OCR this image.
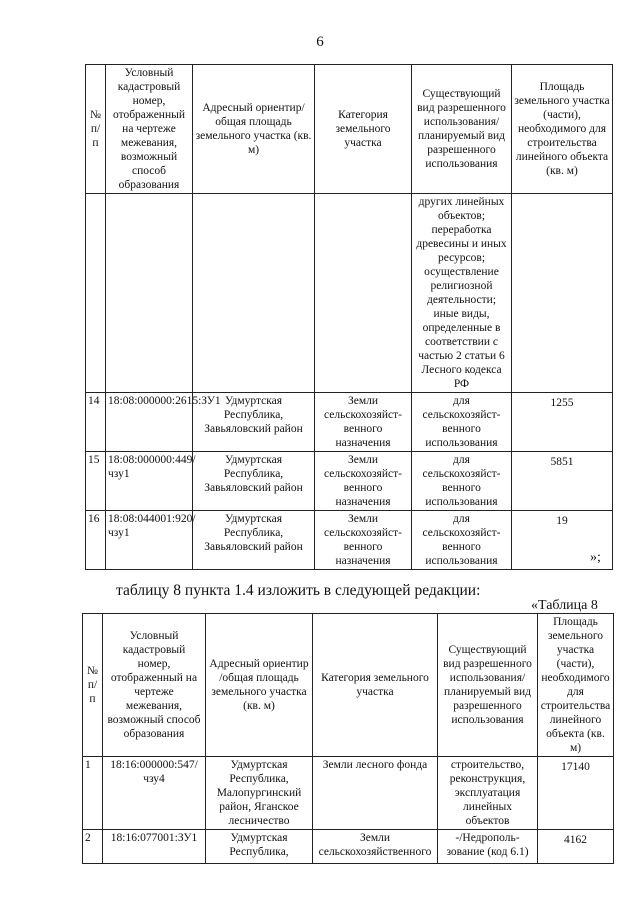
6
№ п/п	Условный кадастровый номер, отображенный на чертеже межевания, возможный способ образования	Адресный ориентир/ общая площадь земельного участка (кв. м)	Категория земельного участка	Существующий вид разрешенного использования/ планируемый вид разрешенного использования	Площадь земельного участка (части), необходимого для строительства линейного объекта (кв. м)
				других линейных объектов; переработка древесины и иных ресурсов; осуществление религиозной деятельности; иные виды, определенные в соответствии с частью 2 статьи 6 Лесного кодекса РФ	
14	18:08:000000:2615:ЗУ1	Удмуртская Республика, Завьяловский район	Земли сельскохозяйст-венного назначения	для сельскохозяйст-венного использования	1255
15	18:08:000000:449/чзу1	Удмуртская Республика, Завьяловский район	Земли сельскохозяйст-венного назначения	для сельскохозяйст-венного использования	5851
16	18:08:044001:920/чзу1	Удмуртская Республика, Завьяловский район	Земли сельскохозяйст-венного назначения	для сельскохозяйст-венного использования	19
»;
таблицу 8 пункта 1.4 изложить в следующей редакции:
«Таблица 8
№ п/п	Условный кадастровый номер, отображенный на чертеже межевания, возможный способ образования	Адресный ориентир /общая площадь земельного участка (кв. м)	Категория земельного участка	Существующий вид разрешенного использования/ планируемый вид разрешенного использования	Площадь земельного участка (части), необходимого для строительства линейного объекта (кв. м)
1	18:16:000000:547/чзу4	Удмуртская Республика, Малопургинский район, Яганское лесничество	Земли лесного фонда	строительство, реконструкция, эксплуатация линейных объектов	17140
2	18:16:077001:ЗУ1	Удмуртская Республика,	Земли сельскохозяйственного	-/Недрополь-зование (код 6.1)	4162
